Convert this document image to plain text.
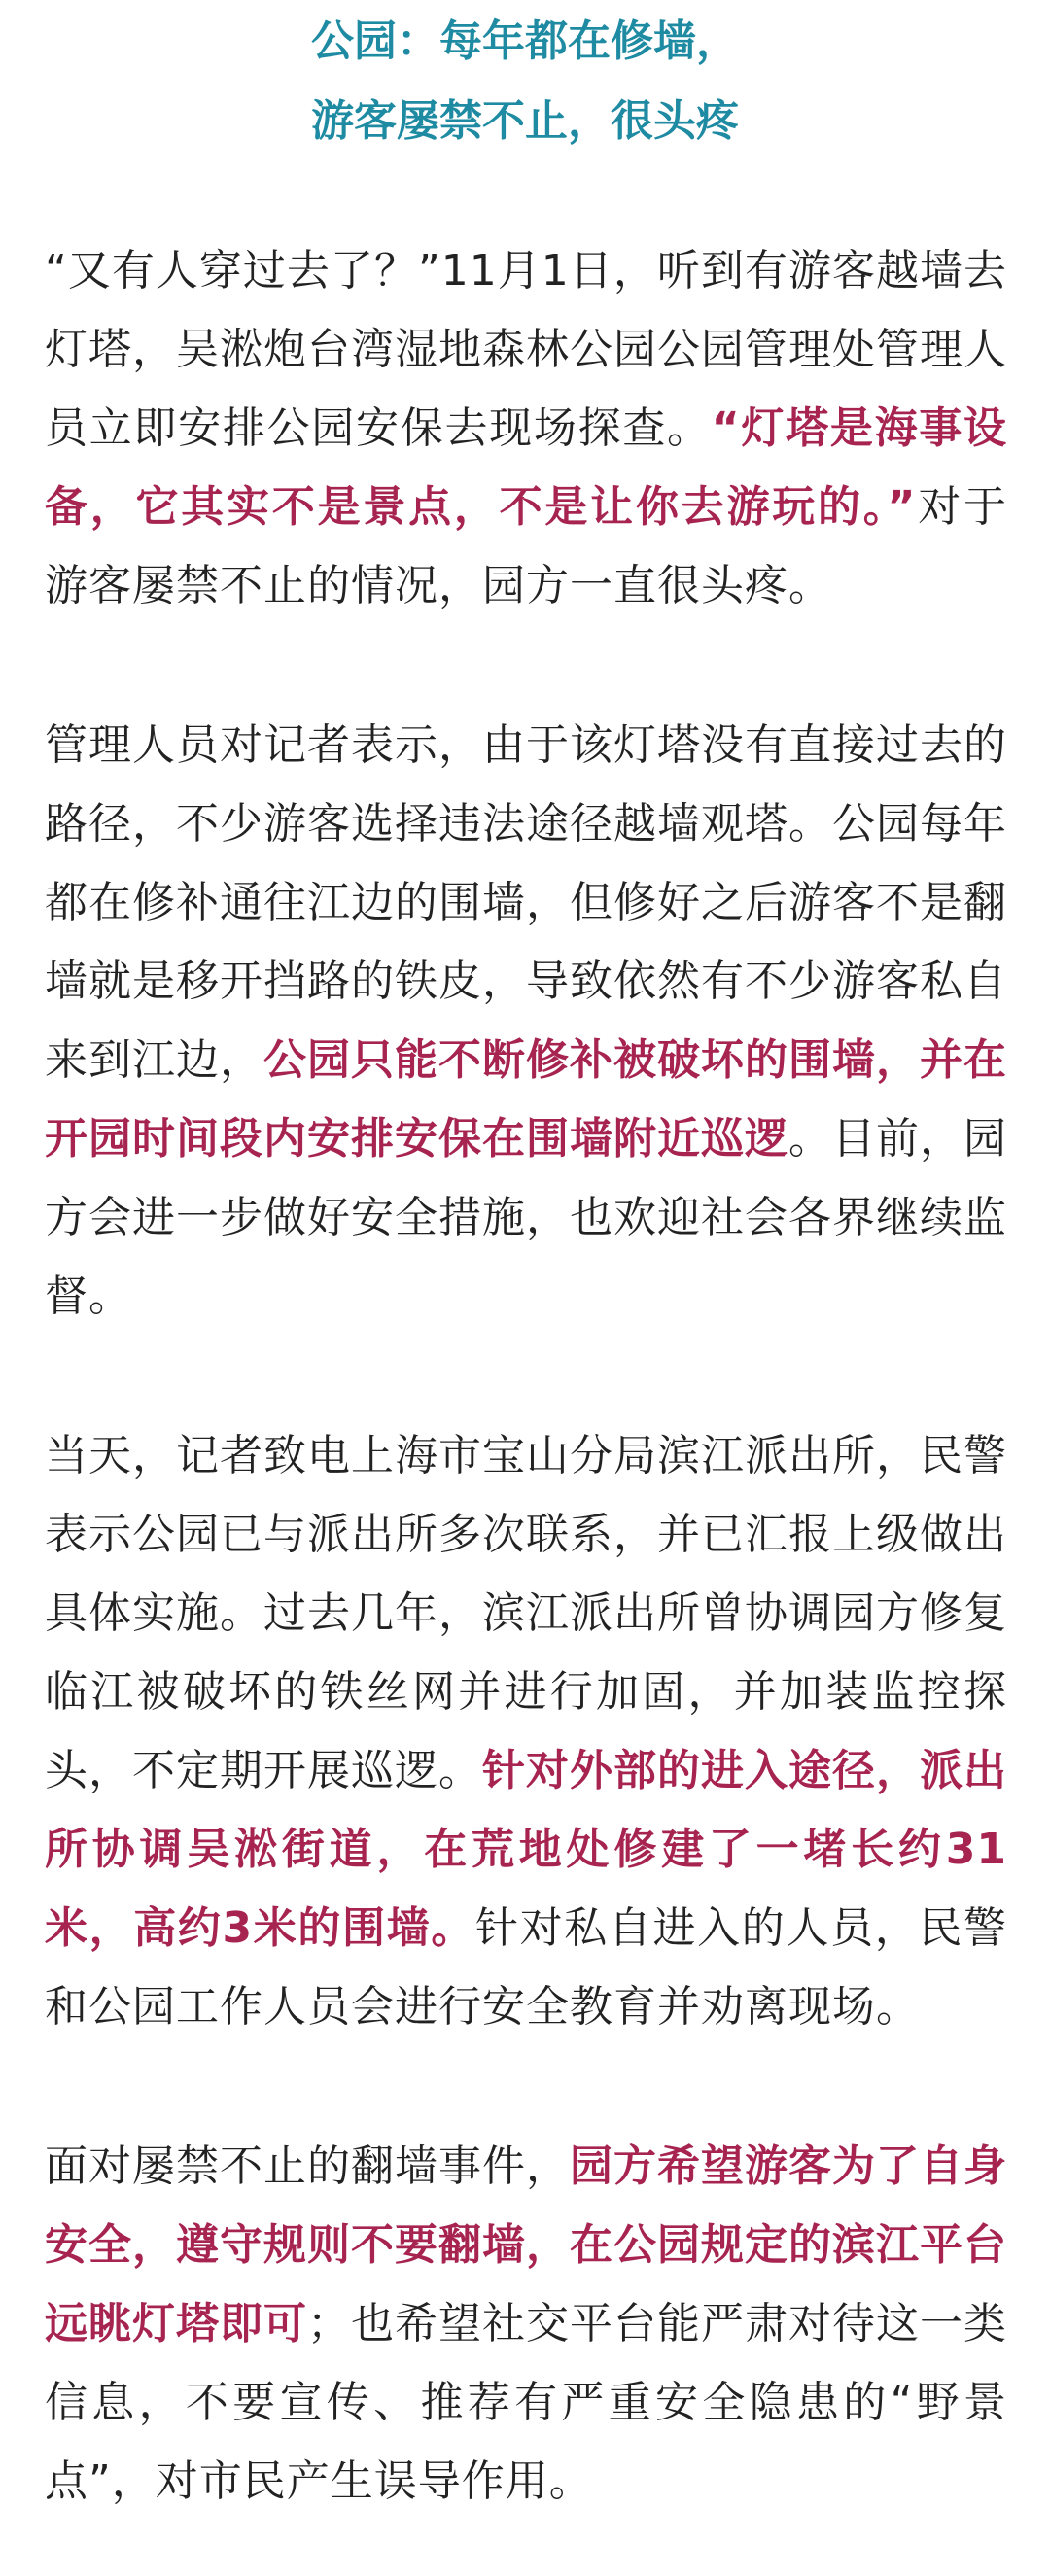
公园：每年都在修墙，
游客屡禁不止，很头疼

“又有人穿过去了？”11月1日，听到有游客越墙去灯塔，吴淞炮台湾湿地森林公园公园管理处管理人员立即安排公园安保去现场探查。“灯塔是海事设备，它其实不是景点，不是让你去游玩的。”对于游客屡禁不止的情况，园方一直很头疼。

管理人员对记者表示，由于该灯塔没有直接过去的路径，不少游客选择违法途径越墙观塔。公园每年都在修补通往江边的围墙，但修好之后游客不是翻墙就是移开挡路的铁皮，导致依然有不少游客私自来到江边，公园只能不断修补被破坏的围墙，并在开园时间段内安排安保在围墙附近巡逻。目前，园方会进一步做好安全措施，也欢迎社会各界继续监督。

当天，记者致电上海市宝山分局滨江派出所，民警表示公园已与派出所多次联系，并已汇报上级做出具体实施。过去几年，滨江派出所曾协调园方修复临江被破坏的铁丝网并进行加固，并加装监控探头，不定期开展巡逻。针对外部的进入途径，派出所协调吴淞街道，在荒地处修建了一堵长约31米，高约3米的围墙。针对私自进入的人员，民警和公园工作人员会进行安全教育并劝离现场。

面对屡禁不止的翻墙事件，园方希望游客为了自身安全，遵守规则不要翻墙，在公园规定的滨江平台远眺灯塔即可；也希望社交平台能严肃对待这一类信息，不要宣传、推荐有严重安全隐患的“野景点”，对市民产生误导作用。
